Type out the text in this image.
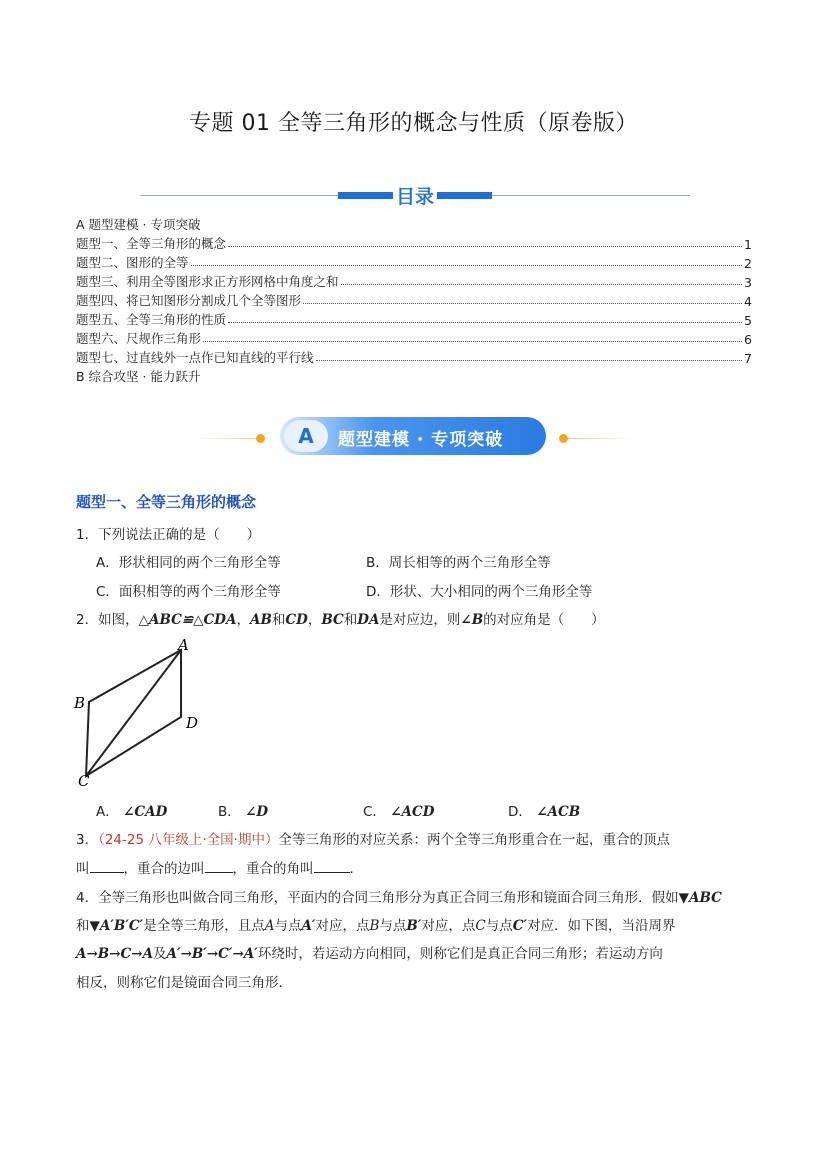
专题 01 全等三角形的概念与性质（原卷版）
目录
A 题型建模 · 专项突破
题型一、全等三角形的概念	1
题型二、图形的全等	2
题型三、利用全等图形求正方形网格中角度之和	3
题型四、将已知图形分割成几个全等图形	4
题型五、全等三角形的性质	5
题型六、尺规作三角形	6
题型七、过直线外一点作已知直线的平行线	7
B 综合攻坚 · 能力跃升
A	题型建模 · 专项突破
题型一、全等三角形的概念
1．下列说法正确的是（　　）
A．形状相同的两个三角形全等	B．周长相等的两个三角形全等
C．面积相等的两个三角形全等	D．形状、大小相同的两个三角形全等
2．如图，△ABC≌△CDA，AB和CD，BC和DA是对应边，则∠B的对应角是（　　）
A
B
D
C
A． ∠CAD	B． ∠D	C． ∠ACD	D． ∠ACB
3．（24-25 八年级上·全国·期中）全等三角形的对应关系：两个全等三角形重合在一起，重合的顶点
叫	，重合的边叫 ，重合的角叫	．
4．全等三角形也叫做合同三角形，平面内的合同三角形分为真正合同三角形和镜面合同三角形．假如▼ABC
和▼A′B′C′是全等三角形，且点A与点A′对应，点B与点B′对应，点C与点C′对应．如下图，当沿周界
A→B→C→A及A′→B′→C′→A′环绕时，若运动方向相同，则称它们是真正合同三角形；若运动方向
相反，则称它们是镜面合同三角形．
